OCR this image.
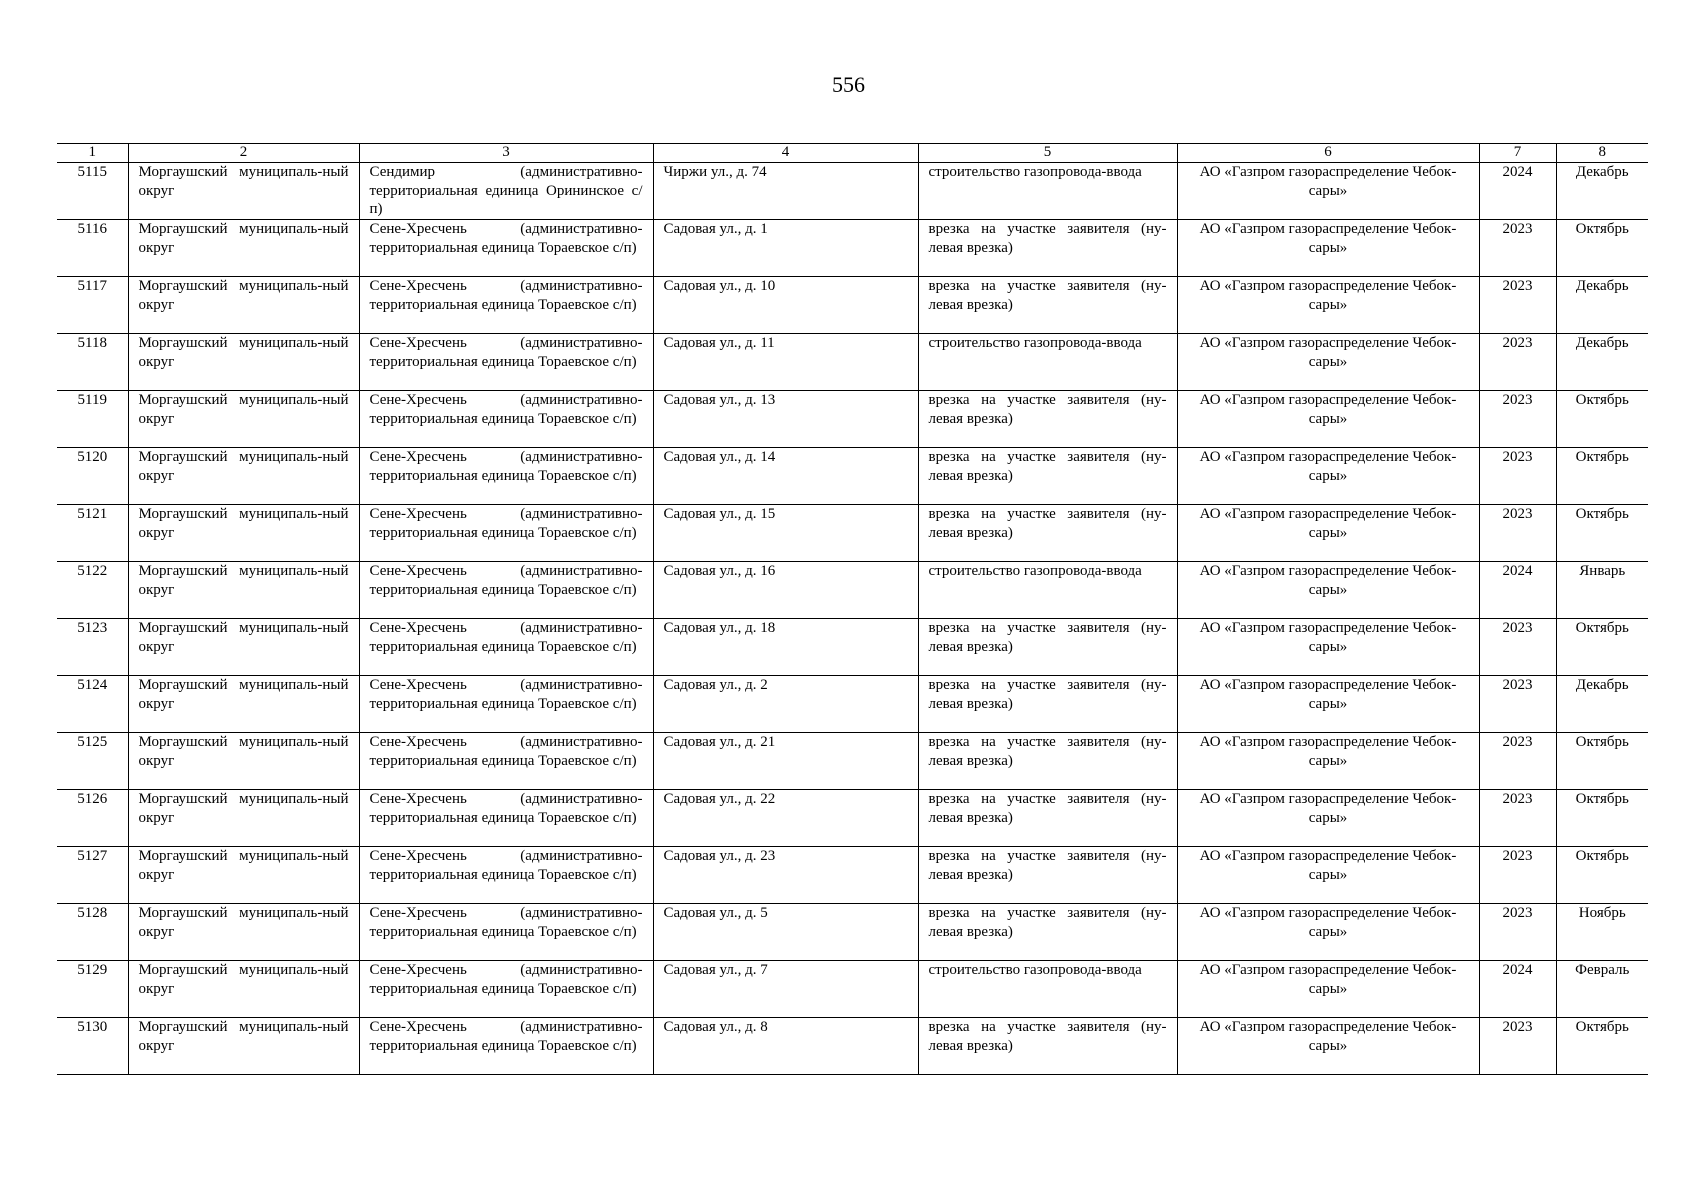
556
1	2	3	4	5	6	7	8
5115	Моргаушский муниципаль-ный округ	Сендимир (административно-территориальная единица Орининское с/п)	Чиржи ул., д. 74	строительство газопровода-ввода	АО «Газпром газораспределение Чебок-сары»	2024	Декабрь
5116	Моргаушский муниципаль-ный округ	Сене-Хресчень (административно-территориальная единица Тораевское с/п)	Садовая ул., д. 1	врезка на участке заявителя (ну-левая врезка)	АО «Газпром газораспределение Чебок-сары»	2023	Октябрь
5117	Моргаушский муниципаль-ный округ	Сене-Хресчень (административно-территориальная единица Тораевское с/п)	Садовая ул., д. 10	врезка на участке заявителя (ну-левая врезка)	АО «Газпром газораспределение Чебок-сары»	2023	Декабрь
5118	Моргаушский муниципаль-ный округ	Сене-Хресчень (административно-территориальная единица Тораевское с/п)	Садовая ул., д. 11	строительство газопровода-ввода	АО «Газпром газораспределение Чебок-сары»	2023	Декабрь
5119	Моргаушский муниципаль-ный округ	Сене-Хресчень (административно-территориальная единица Тораевское с/п)	Садовая ул., д. 13	врезка на участке заявителя (ну-левая врезка)	АО «Газпром газораспределение Чебок-сары»	2023	Октябрь
5120	Моргаушский муниципаль-ный округ	Сене-Хресчень (административно-территориальная единица Тораевское с/п)	Садовая ул., д. 14	врезка на участке заявителя (ну-левая врезка)	АО «Газпром газораспределение Чебок-сары»	2023	Октябрь
5121	Моргаушский муниципаль-ный округ	Сене-Хресчень (административно-территориальная единица Тораевское с/п)	Садовая ул., д. 15	врезка на участке заявителя (ну-левая врезка)	АО «Газпром газораспределение Чебок-сары»	2023	Октябрь
5122	Моргаушский муниципаль-ный округ	Сене-Хресчень (административно-территориальная единица Тораевское с/п)	Садовая ул., д. 16	строительство газопровода-ввода	АО «Газпром газораспределение Чебок-сары»	2024	Январь
5123	Моргаушский муниципаль-ный округ	Сене-Хресчень (административно-территориальная единица Тораевское с/п)	Садовая ул., д. 18	врезка на участке заявителя (ну-левая врезка)	АО «Газпром газораспределение Чебок-сары»	2023	Октябрь
5124	Моргаушский муниципаль-ный округ	Сене-Хресчень (административно-территориальная единица Тораевское с/п)	Садовая ул., д. 2	врезка на участке заявителя (ну-левая врезка)	АО «Газпром газораспределение Чебок-сары»	2023	Декабрь
5125	Моргаушский муниципаль-ный округ	Сене-Хресчень (административно-территориальная единица Тораевское с/п)	Садовая ул., д. 21	врезка на участке заявителя (ну-левая врезка)	АО «Газпром газораспределение Чебок-сары»	2023	Октябрь
5126	Моргаушский муниципаль-ный округ	Сене-Хресчень (административно-территориальная единица Тораевское с/п)	Садовая ул., д. 22	врезка на участке заявителя (ну-левая врезка)	АО «Газпром газораспределение Чебок-сары»	2023	Октябрь
5127	Моргаушский муниципаль-ный округ	Сене-Хресчень (административно-территориальная единица Тораевское с/п)	Садовая ул., д. 23	врезка на участке заявителя (ну-левая врезка)	АО «Газпром газораспределение Чебок-сары»	2023	Октябрь
5128	Моргаушский муниципаль-ный округ	Сене-Хресчень (административно-территориальная единица Тораевское с/п)	Садовая ул., д. 5	врезка на участке заявителя (ну-левая врезка)	АО «Газпром газораспределение Чебок-сары»	2023	Ноябрь
5129	Моргаушский муниципаль-ный округ	Сене-Хресчень (административно-территориальная единица Тораевское с/п)	Садовая ул., д. 7	строительство газопровода-ввода	АО «Газпром газораспределение Чебок-сары»	2024	Февраль
5130	Моргаушский муниципаль-ный округ	Сене-Хресчень (административно-территориальная единица Тораевское с/п)	Садовая ул., д. 8	врезка на участке заявителя (ну-левая врезка)	АО «Газпром газораспределение Чебок-сары»	2023	Октябрь
